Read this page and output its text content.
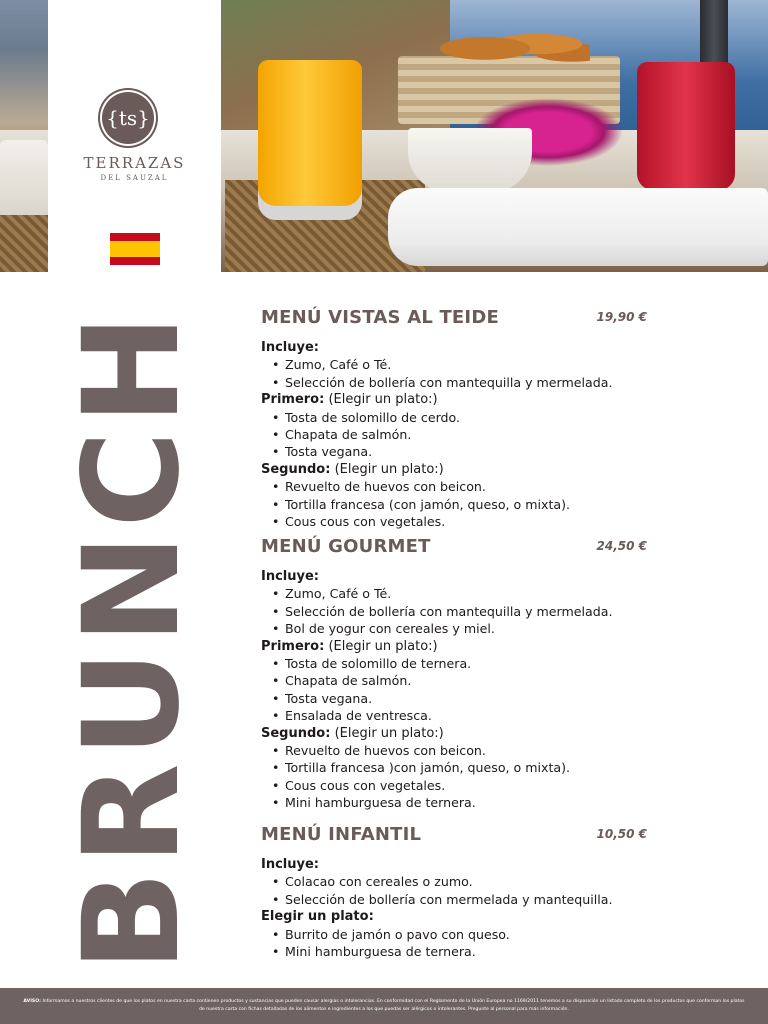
{ts}
TERRAZAS
DEL SAUZAL
BRUNCH	MENÚ VISTAS AL TEIDE	19,90 €

Incluye:

• Zumo, Café o Té.
• Selección de bollería con mantequilla y mermelada.

Primero: (Elegir un plato:)

• Tosta de solomillo de cerdo.
• Chapata de salmón.
• Tosta vegana.

Segundo: (Elegir un plato:)

• Revuelto de huevos con beicon.
• Tortilla francesa (con jamón, queso, o mixta).
• Cous cous con vegetales.
MENÚ GOURMET	24,50 €

Incluye:

• Zumo, Café o Té.
• Selección de bollería con mantequilla y mermelada.
• Bol de yogur con cereales y miel.

Primero: (Elegir un plato:)

• Tosta de solomillo de ternera.
• Chapata de salmón.
• Tosta vegana.
• Ensalada de ventresca.

Segundo: (Elegir un plato:)

• Revuelto de huevos con beicon.
• Tortilla francesa )con jamón, queso, o mixta).
• Cous cous con vegetales.
• Mini hamburguesa de ternera.
MENÚ INFANTIL	10,50 €

Incluye:

• Colacao con cereales o zumo.
• Selección de bollería con mermelada y mantequilla.

Elegir un plato:

• Burrito de jamón o pavo con queso.
• Mini hamburguesa de ternera.
AVISO: Informamos a nuestros clientes de que los platos en nuestra carta contienen productos y sustancias que pueden causar alergias o intolerancias. En conformidad con el Reglamento de la Unión Europea no 1169/2011 tenemos a su disposición un listado completo de los productos que conforman los platos de nuestra carta con fichas detalladas de los alimentos e ingredientes a los que puedas ser alérgicos o intolerantes. Pregunte al personal para más información.
